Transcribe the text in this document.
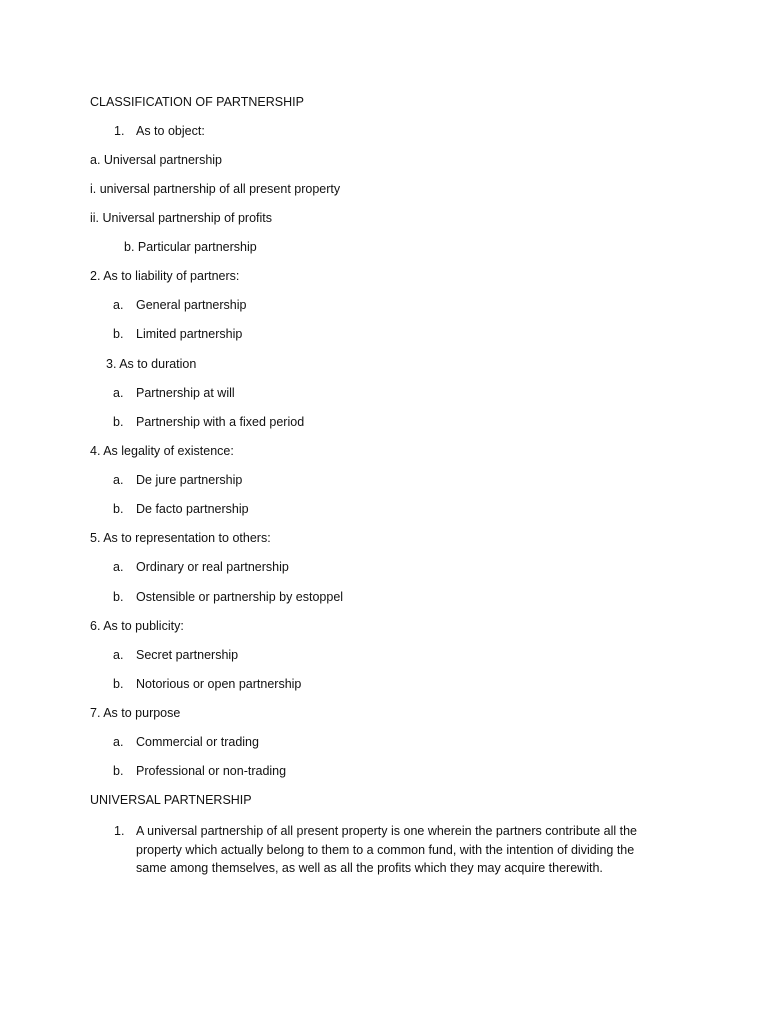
CLASSIFICATION OF PARTNERSHIP
1. As to object:
a. Universal partnership
i. universal partnership of all present property
ii. Universal partnership of profits
b. Particular partnership
2. As to liability of partners:
a. General partnership
b. Limited partnership
3. As to duration
a. Partnership at will
b. Partnership with a fixed period
4. As legality of existence:
a. De jure partnership
b. De facto partnership
5. As to representation to others:
a. Ordinary or real partnership
b. Ostensible or partnership by estoppel
6. As to publicity:
a. Secret partnership
b. Notorious or open partnership
7. As to purpose
a. Commercial or trading
b. Professional or non-trading
UNIVERSAL PARTNERSHIP
1. A universal partnership of all present property is one wherein the partners contribute all the property which actually belong to them to a common fund, with the intention of dividing the same among themselves, as well as all the profits which they may acquire therewith.
